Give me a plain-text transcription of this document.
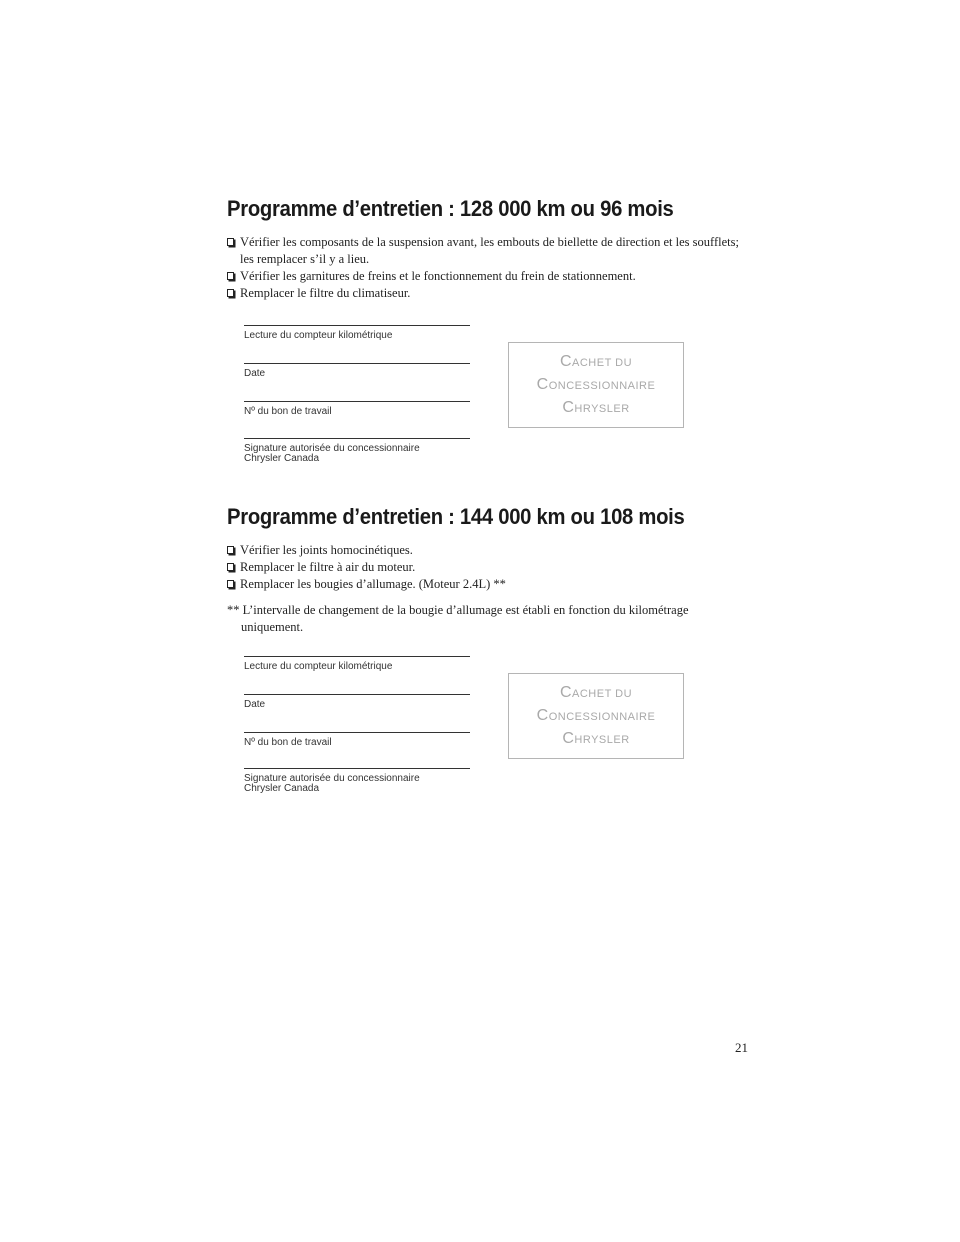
Programme d’entretien : 128 000 km ou 96 mois
Vérifier les composants de la suspension avant, les embouts de biellette de direction et les soufflets; les remplacer s’il y a lieu.
Vérifier les garnitures de freins et le fonctionnement du frein de stationnement.
Remplacer le filtre du climatiseur.
Lecture du compteur kilométrique
Date
Nº du bon de travail
Signature autorisée du concessionnaire
Chrysler Canada
CACHET DU
CONCESSIONNAIRE
CHRYSLER
Programme d’entretien : 144 000 km ou 108 mois
Vérifier les joints homocinétiques.
Remplacer le filtre à air du moteur.
Remplacer les bougies d’allumage. (Moteur 2.4L) **

** L’intervalle de changement de la bougie d’allumage est établi en fonction du kilométrage uniquement.

Lecture du compteur kilométrique
Date
Nº du bon de travail
Signature autorisée du concessionnaire
Chrysler Canada
CACHET DU
CONCESSIONNAIRE
CHRYSLER
21
